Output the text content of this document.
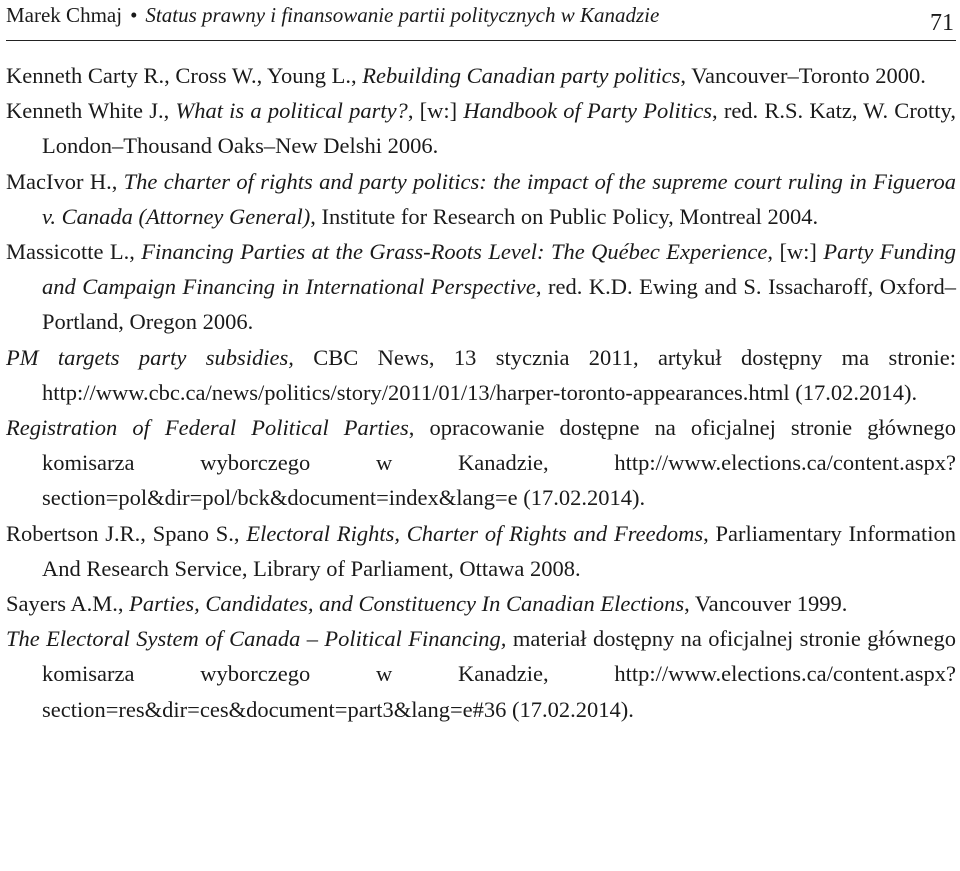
Marek Chmaj • Status prawny i finansowanie partii politycznych w Kanadzie	71
Kenneth Carty R., Cross W., Young L., Rebuilding Canadian party politics, Vancouver–Toronto 2000.
Kenneth White J., What is a political party?, [w:] Handbook of Party Politics, red. R.S. Katz, W. Crotty, London–Thousand Oaks–New Delshi 2006.
MacIvor H., The charter of rights and party politics: the impact of the supreme court ruling in Figueroa v. Canada (Attorney General), Institute for Research on Public Policy, Montreal 2004.
Massicotte L., Financing Parties at the Grass-Roots Level: The Québec Experience, [w:] Party Funding and Campaign Financing in International Perspective, red. K.D. Ewing and S. Issacharoff, Oxford–Portland, Oregon 2006.
PM targets party subsidies, CBC News, 13 stycznia 2011, artykuł dostępny ma stronie: http://www.cbc.ca/news/politics/story/2011/01/13/harper-toronto-appearances.html (17.02.2014).
Registration of Federal Political Parties, opracowanie dostępne na oficjalnej stronie głównego komisarza wyborczego w Kanadzie, http://www.elections.ca/content.aspx?section=pol&dir=pol/bck&document=index&lang=e (17.02.2014).
Robertson J.R., Spano S., Electoral Rights, Charter of Rights and Freedoms, Parliamentary Information And Research Service, Library of Parliament, Ottawa 2008.
Sayers A.M., Parties, Candidates, and Constituency In Canadian Elections, Vancouver 1999.
The Electoral System of Canada – Political Financing, materiał dostępny na oficjalnej stronie głównego komisarza wyborczego w Kanadzie, http://www.elections.ca/content.aspx?section=res&dir=ces&document=part3&lang=e#36 (17.02.2014).
